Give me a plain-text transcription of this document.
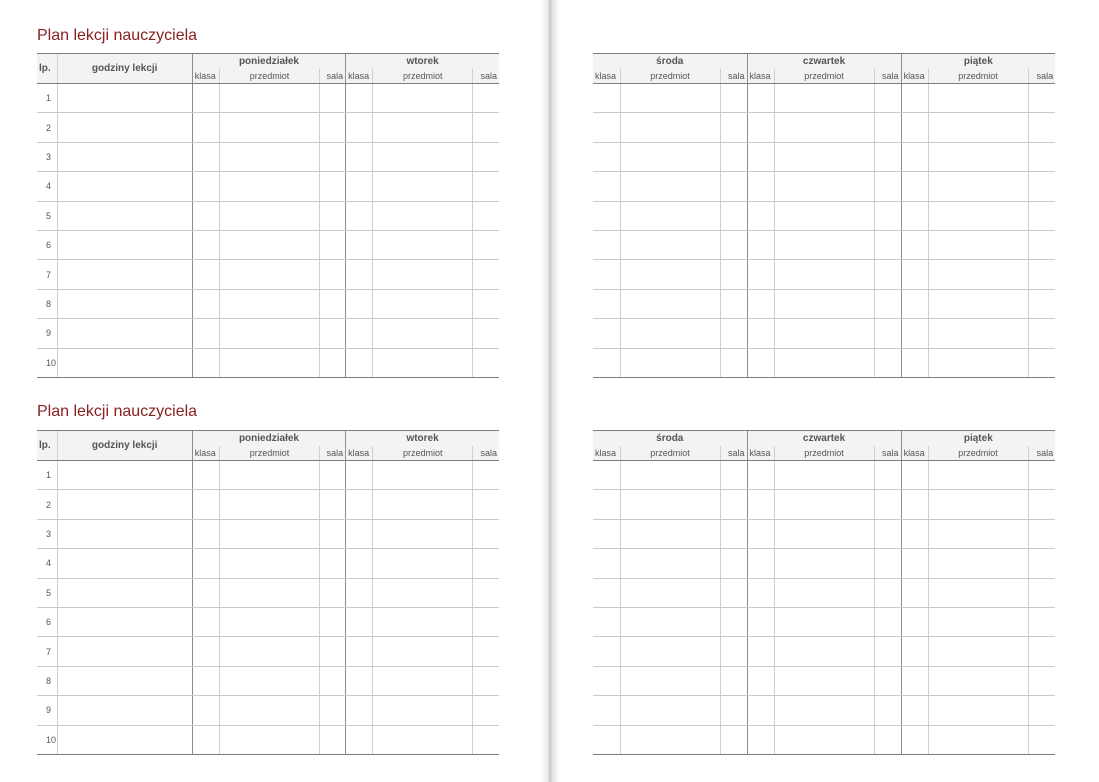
Plan lekcji nauczyciela
Plan lekcji nauczyciela
lp.	godziny lekcji	poniedziałek			wtorek		
		klasa	przedmiot	sala	klasa	przedmiot	sala
1							
2							
3							
4							
5							
6							
7							
8							
9							
10							
środa			czwartek			piątek		
klasa	przedmiot	sala	klasa	przedmiot	sala	klasa	przedmiot	sala

lp.	godziny lekcji	poniedziałek			wtorek		
		klasa	przedmiot	sala	klasa	przedmiot	sala
1							
2							
3							
4							
5							
6							
7							
8							
9							
10							
środa			czwartek			piątek		
klasa	przedmiot	sala	klasa	przedmiot	sala	klasa	przedmiot	sala
